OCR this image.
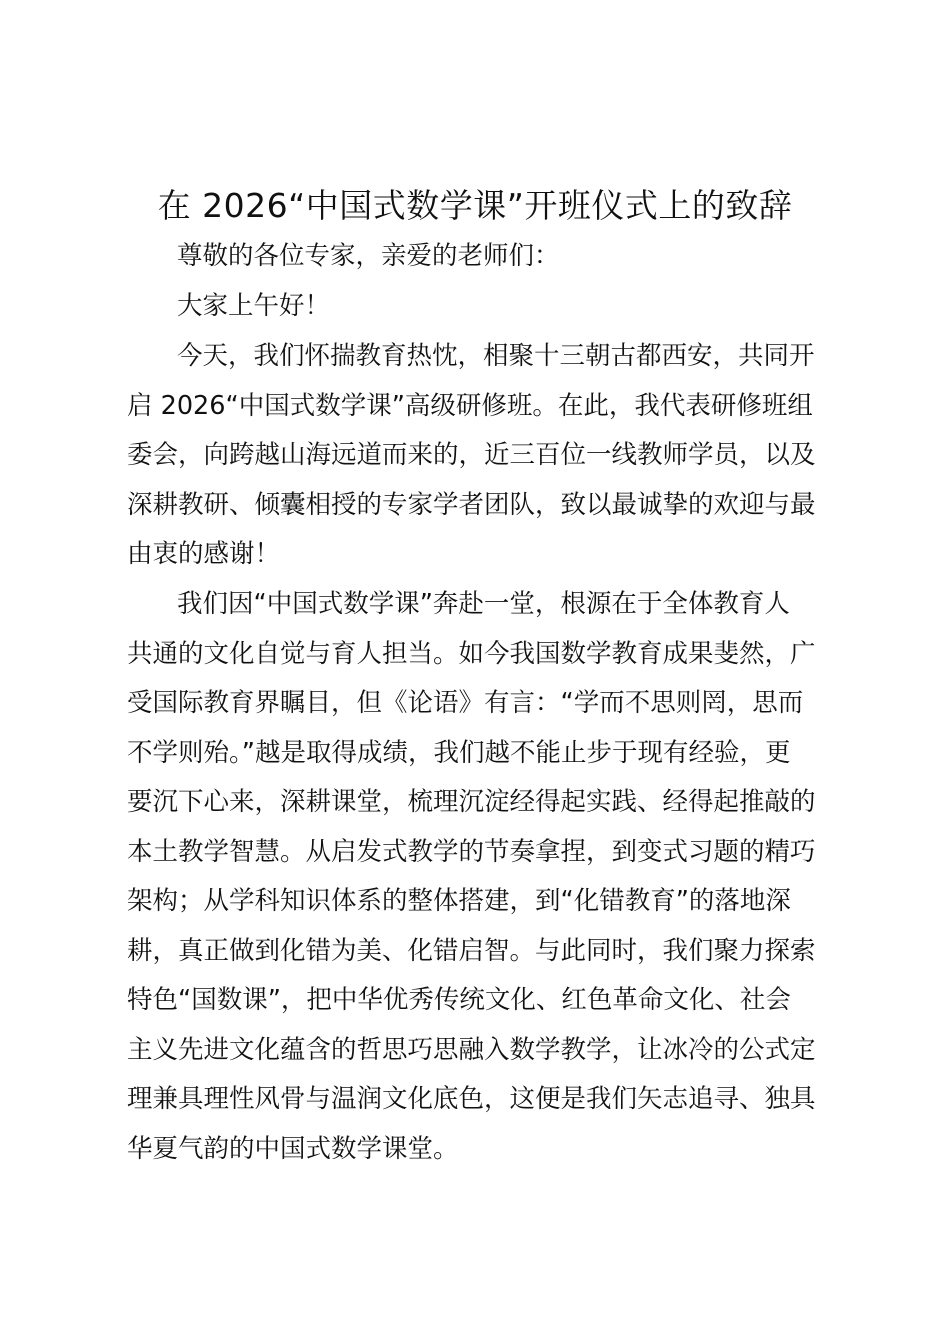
在 2026“中国式数学课”开班仪式上的致辞
尊敬的各位专家，亲爱的老师们：
大家上午好！
今天，我们怀揣教育热忱，相聚十三朝古都西安，共同开
启 2026“中国式数学课”高级研修班。在此，我代表研修班组
委会，向跨越山海远道而来的，近三百位一线教师学员，以及
深耕教研、倾囊相授的专家学者团队，致以最诚挚的欢迎与最
由衷的感谢！
我们因“中国式数学课”奔赴一堂，根源在于全体教育人
共通的文化自觉与育人担当。如今我国数学教育成果斐然，广
受国际教育界瞩目，但《论语》有言：“学而不思则罔，思而
不学则殆。”越是取得成绩，我们越不能止步于现有经验，更
要沉下心来，深耕课堂，梳理沉淀经得起实践、经得起推敲的
本土教学智慧。从启发式教学的节奏拿捏，到变式习题的精巧
架构；从学科知识体系的整体搭建，到“化错教育”的落地深
耕，真正做到化错为美、化错启智。与此同时，我们聚力探索
特色“国数课”，把中华优秀传统文化、红色革命文化、社会
主义先进文化蕴含的哲思巧思融入数学教学，让冰冷的公式定
理兼具理性风骨与温润文化底色，这便是我们矢志追寻、独具
华夏气韵的中国式数学课堂。
